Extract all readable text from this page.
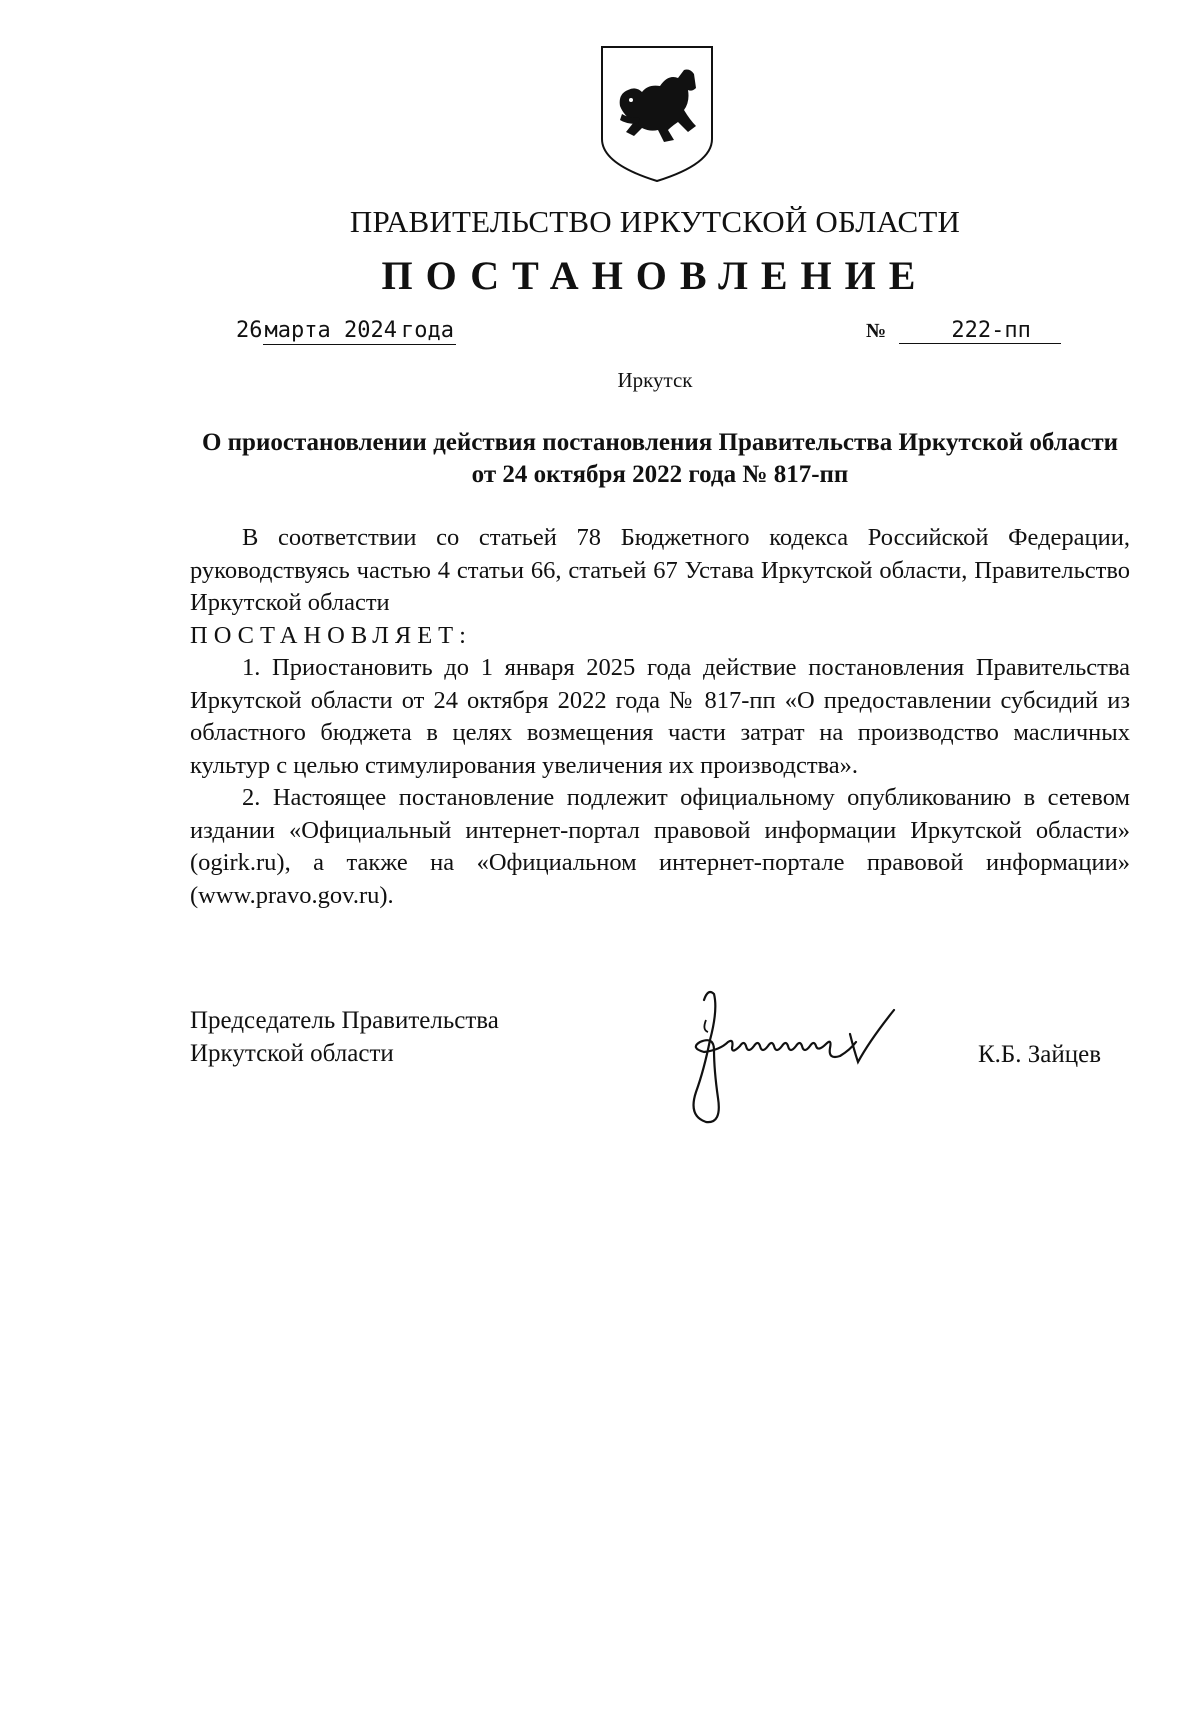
ПРАВИТЕЛЬСТВО ИРКУТСКОЙ ОБЛАСТИ
ПОСТАНОВЛЕНИЕ
26марта 2024 года	№	222-пп
Иркутск
О приостановлении действия постановления Правительства Иркутской области от 24 октября 2022 года № 817-пп

В соответствии со статьей 78 Бюджетного кодекса Российской Федерации, руководствуясь частью 4 статьи 66, статьей 67 Устава Иркутской области, Правительство Иркутской области

ПОСТАНОВЛЯЕТ:

1. Приостановить до 1 января 2025 года действие постановления Правительства Иркутской области от 24 октября 2022 года № 817-пп «О предоставлении субсидий из областного бюджета в целях возмещения части затрат на производство масличных культур с целью стимулирования увеличения их производства».

2. Настоящее постановление подлежит официальному опубликованию в сетевом издании «Официальный интернет-портал правовой информации Иркутской области» (ogirk.ru), а также на «Официальном интернет-портале правовой информации» (www.pravo.gov.ru).

Председатель Правительства
Иркутской области	К.Б. Зайцев
